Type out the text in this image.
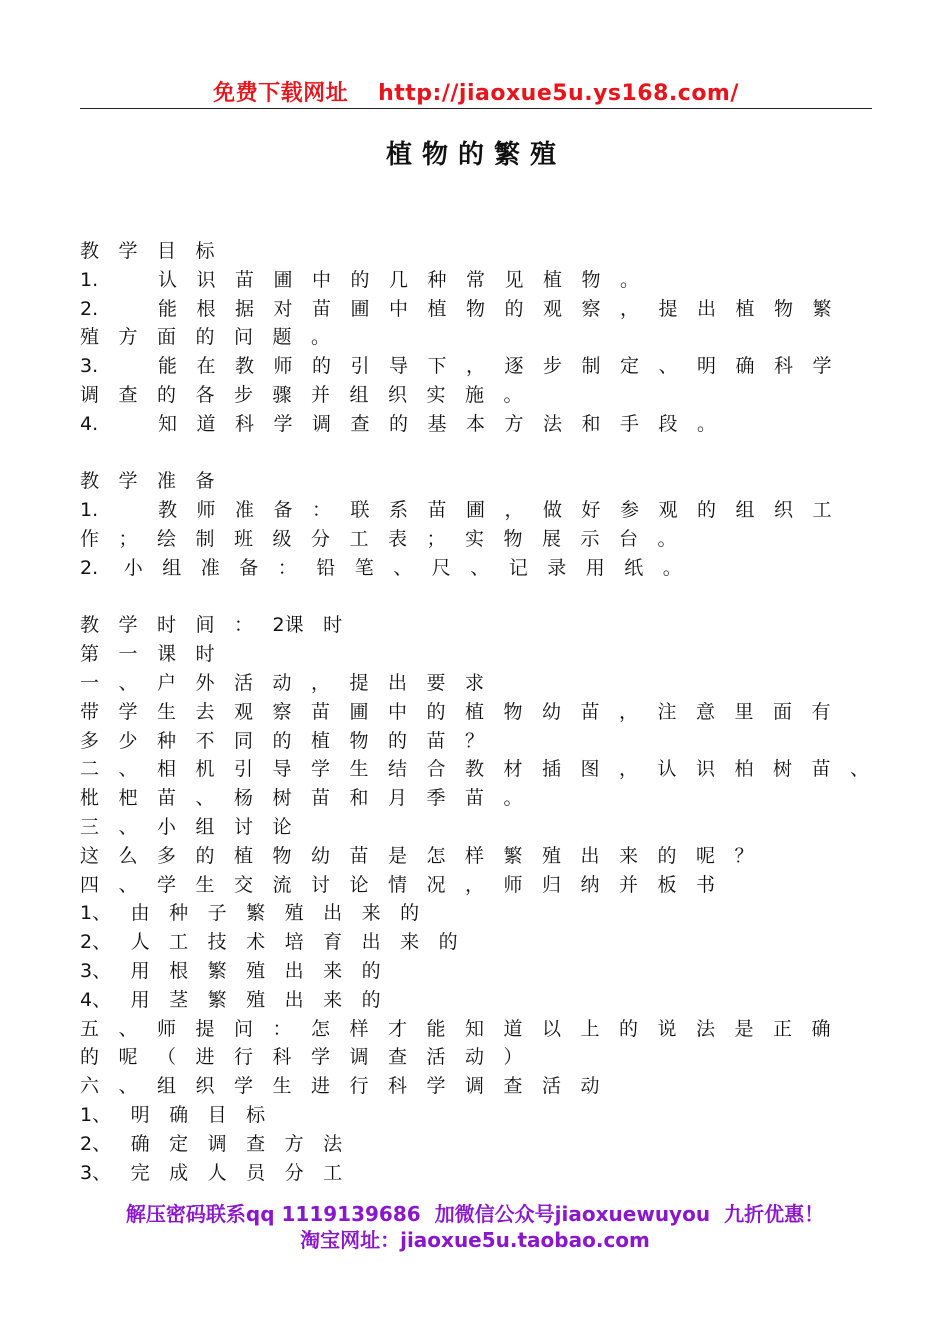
免费下载网址 http://jiaoxue5u.ys168.com/
植物的繁殖
教学目标
1.	认识苗圃中的几种常见植物。
2.	能根据对苗圃中植物的观察，提出植物繁
殖方面的问题。
3.	能在教师的引导下，逐步制定、明确科学
调查的各步骤并组织实施。
4.	知道科学调查的基本方法和手段。
教学准备
1.	教师准备：联系苗圃，做好参观的组织工
作；绘制班级分工表；实物展示台。
2. 小组准备：铅笔、尺、记录用纸。
教学时间：2课时
第一课时
一、户外活动，提出要求
带学生去观察苗圃中的植物幼苗，注意里面有
多少种不同的植物的苗？
二、相机引导学生结合教材插图，认识柏树苗、
枇杷苗、杨树苗和月季苗。
三、小组讨论
这么多的植物幼苗是怎样繁殖出来的呢？
四、学生交流讨论情况，师归纳并板书
1、由种子繁殖出来的
2、人工技术培育出来的
3、用根繁殖出来的
4、用茎繁殖出来的
五、师提问：怎样才能知道以上的说法是正确
的呢（进行科学调查活动）
六、组织学生进行科学调查活动
1、明确目标
2、确定调查方法
3、完成人员分工
解压密码联系qq 1119139686 加微信公众号jiaoxuewuyou 九折优惠！
淘宝网址：jiaoxue5u.taobao.com
